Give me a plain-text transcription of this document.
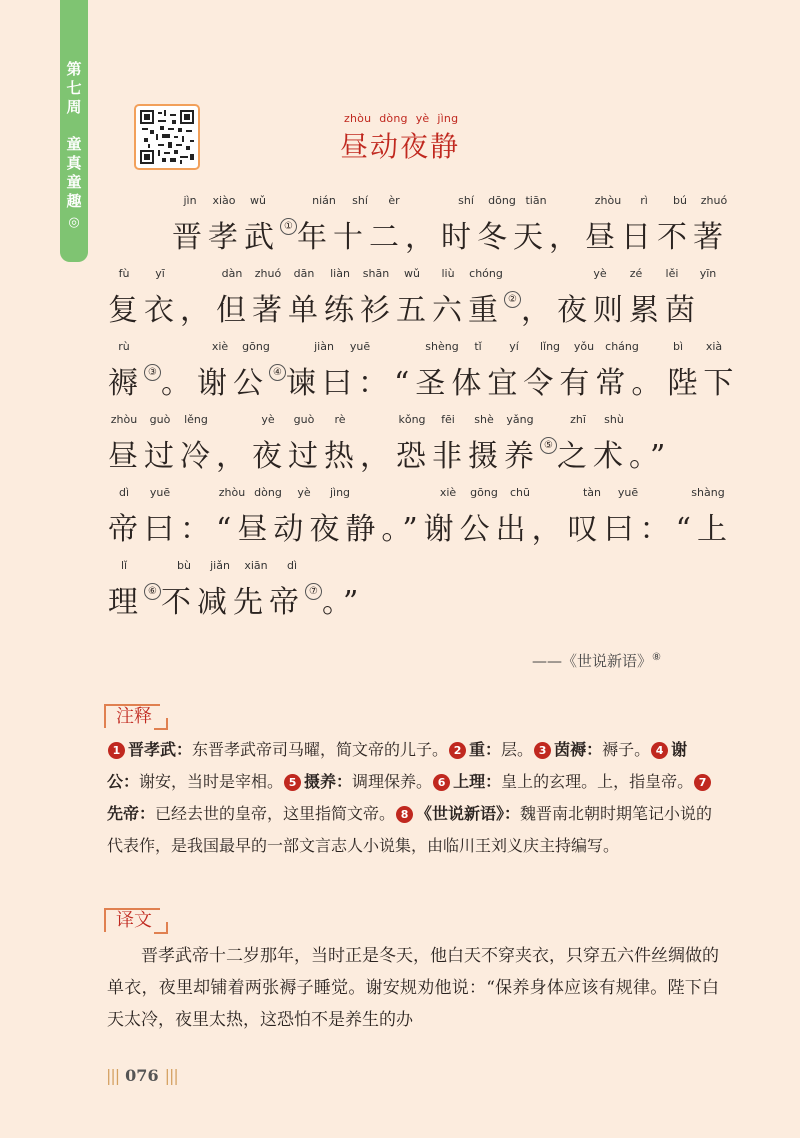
第
七
周
童
真
童
趣
◎
zhòu dòng yè jìng
昼动夜静
jìn xiào wǔ	nián shí èr	shí dōng tiān	zhòu rì bú zhuó
晋孝武 ① 年十二，时冬天，昼日不著
fù yī	dàn zhuó dān liàn shān wǔ liù chóng	yè zé lěi yīn
复衣，但著单练衫五六重 ② ，夜则累茵
rù	xiè gōng	jiàn yuē	shèng tǐ	yí lǐng yǒu cháng	bì xià
褥 ③ 。谢公 ④ 谏曰：“圣体宜令有常。陛下
zhòu guò lěng	yè guò rè	kǒng fēi shè yǎng	zhī shù
昼过冷，夜过热，恐非摄养 ⑤ 之术。”
dì yuē	zhòu dòng yè jìng	xiè gōng chū	tàn yuē	shàng
帝曰：“昼动夜静。”谢公出，叹曰：“上
lǐ	bù jiǎn xiān dì
理 ⑥ 不减先帝 ⑦ 。”
——《世说新语》⑧
注释
1 晋孝武：东晋孝武帝司马曜，简文帝的儿子。 2 重：层。 3 茵褥：褥子。 4 谢公：谢安，当时是宰相。 5 摄养：调理保养。 6 上理：皇上的玄理。上，指皇帝。 7先帝：已经去世的皇帝，这里指简文帝。 8 《世说新语》：魏晋南北朝时期笔记小说的代表作，是我国最早的一部文言志人小说集，由临川王刘义庆主持编写。
译文
晋孝武帝十二岁那年，当时正是冬天，他白天不穿夹衣，只穿五六件丝绸做的单衣，夜里却铺着两张褥子睡觉。谢安规劝他说：“保养身体应该有规律。陛下白天太冷，夜里太热，这恐怕不是养生的办
||| 076 |||
